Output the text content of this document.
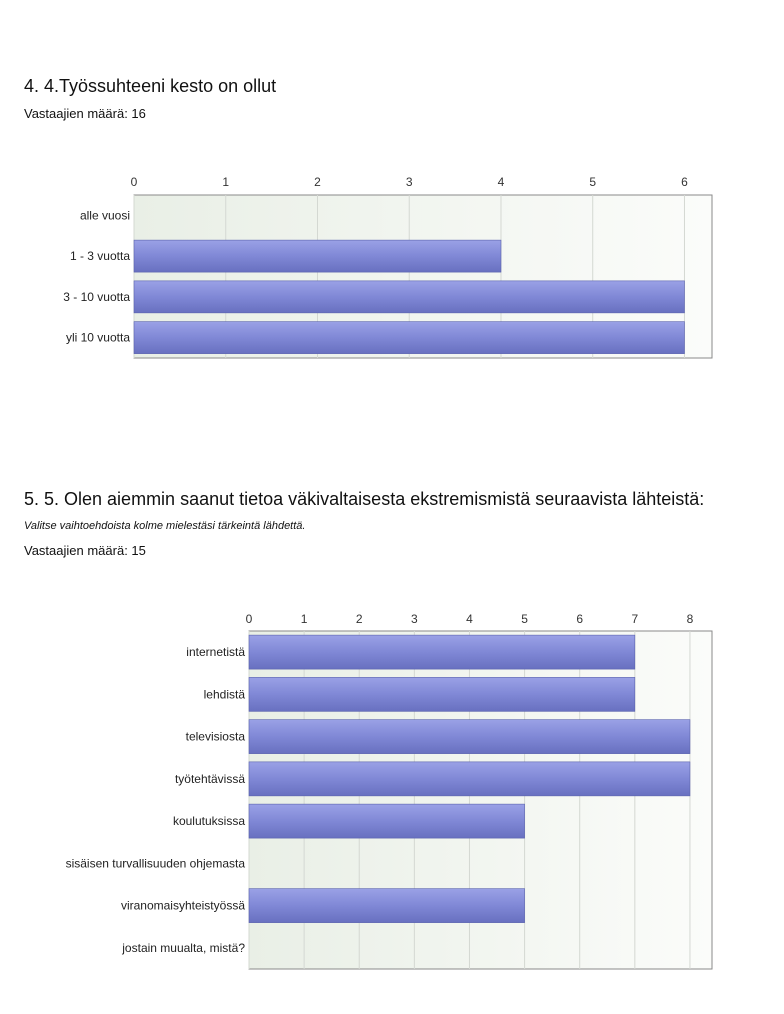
4. 4.Työssuhteeni kesto on ollut
Vastaajien määrä: 16
0	1	2	3	4	5	6
alle vuosi
1 - 3 vuotta
3 - 10 vuotta
yli 10 vuotta
5. 5. Olen aiemmin saanut tietoa väkivaltaisesta ekstremismistä seuraavista lähteistä:
Valitse vaihtoehdoista kolme mielestäsi tärkeintä lähdettä.
Vastaajien määrä: 15
0	1	2	3	4	5	6	7	8
internetistä
lehdistä
televisiosta
työtehtävissä
koulutuksissa
sisäisen turvallisuuden ohjemasta
viranomaisyhteistyössä
jostain muualta, mistä?
